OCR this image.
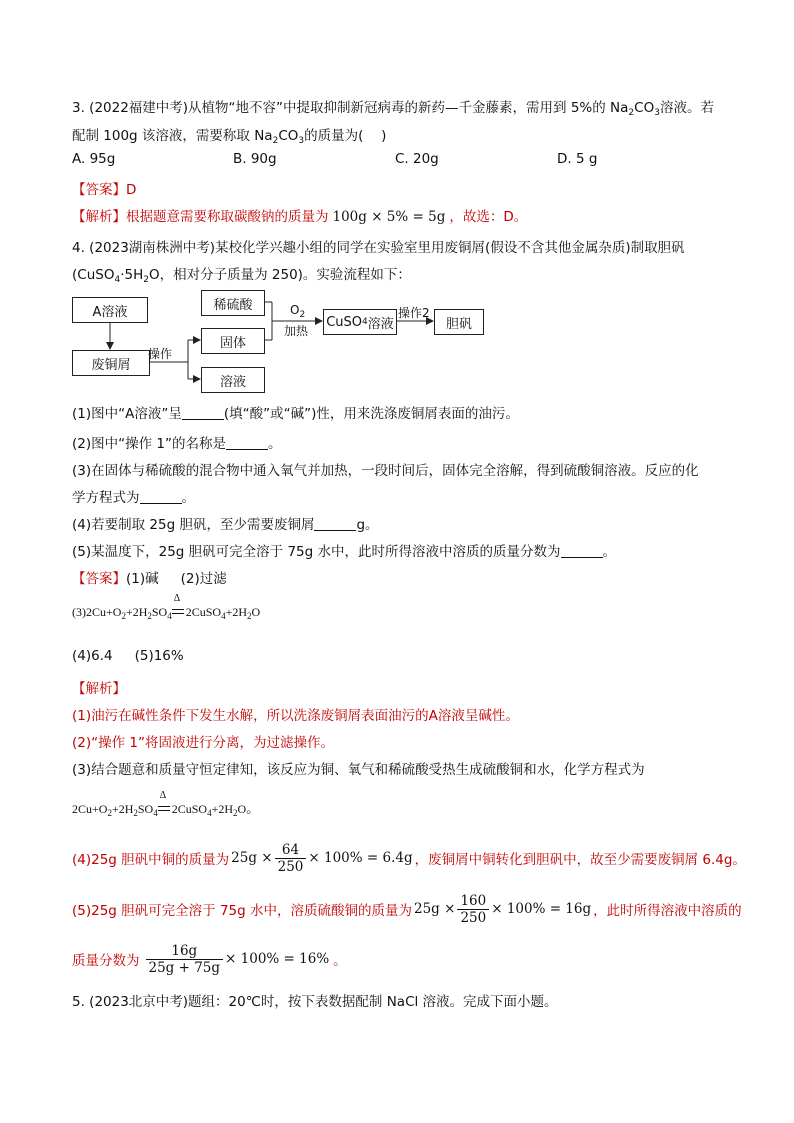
3. (2022福建中考)从植物“地不容”中提取抑制新冠病毒的新药—千金藤素，需用到 5%的 $Na_2CO_3$溶液。若
配制 100g 该溶液，需要称取 $Na_2CO_3$的质量为(　 )
A. 95g	B. 90g	C. 20g	D. 5 g
【答案】D
【解析】根据题意需要称取碳酸钠的质量为 100g × 5% = 5g ，故选：D。
4. (2023湖南株洲中考)某校化学兴趣小组的同学在实验室里用废铜屑(假设不含其他金属杂质)制取胆矾
($CuSO_4\cdot 5H_2O$，相对分子质量为 250)。实验流程如下：
A溶液
废铜屑
稀硫酸
固体
溶液
CuSO 4 溶液	胆矾
操作
$O_2$
加热
操作2
(1)图中“A溶液”呈	(填“酸”或“碱”)性，用来洗涤废铜屑表面的油污。
(2)图中“操作 1”的名称是	。
(3)在固体与稀硫酸的混合物中通入氧气并加热，一段时间后，固体完全溶解，得到硫酸铜溶液。反应的化
学方程式为	。
(4)若要制取 25g 胆矾，至少需要废铜屑	g。
(5)某温度下，25g 胆矾可完全溶于 75g 水中，此时所得溶液中溶质的质量分数为	。
【答案】(1)碱 (2)过滤
$(3)2Cu+O_2+2H_2SO_4$
Δ
$2CuSO_4+2H_2O$
(4)6.4 (5)16%
【解析】
(1)油污在碱性条件下发生水解，所以洗涤废铜屑表面油污的A溶液呈碱性。
(2)“操作 1”将固液进行分离，为过滤操作。
(3)结合题意和质量守恒定律知，该反应为铜、氧气和稀硫酸受热生成硫酸铜和水，化学方程式为
$2Cu+O_2+2H_2SO_4$
Δ
$2CuSO_4+2H_2O$。
(4)25g 胆矾中铜的质量为 $25g \times \frac{64}{250} \times 100\% = 6.4g$ ，废铜屑中铜转化到胆矾中，故至少需要废铜屑 6.4g。
(5)25g 胆矾可完全溶于 75g 水中，溶质硫酸铜的质量为 $25g \times \frac{160}{250} \times 100\% = 16g$ ，此时所得溶液中溶质的
质量分数为 $\frac{16g}{25g + 75g} \times 100\% = 16\%$ 。
5. (2023北京中考)题组：20℃时，按下表数据配制 NaCl 溶液。完成下面小题。
